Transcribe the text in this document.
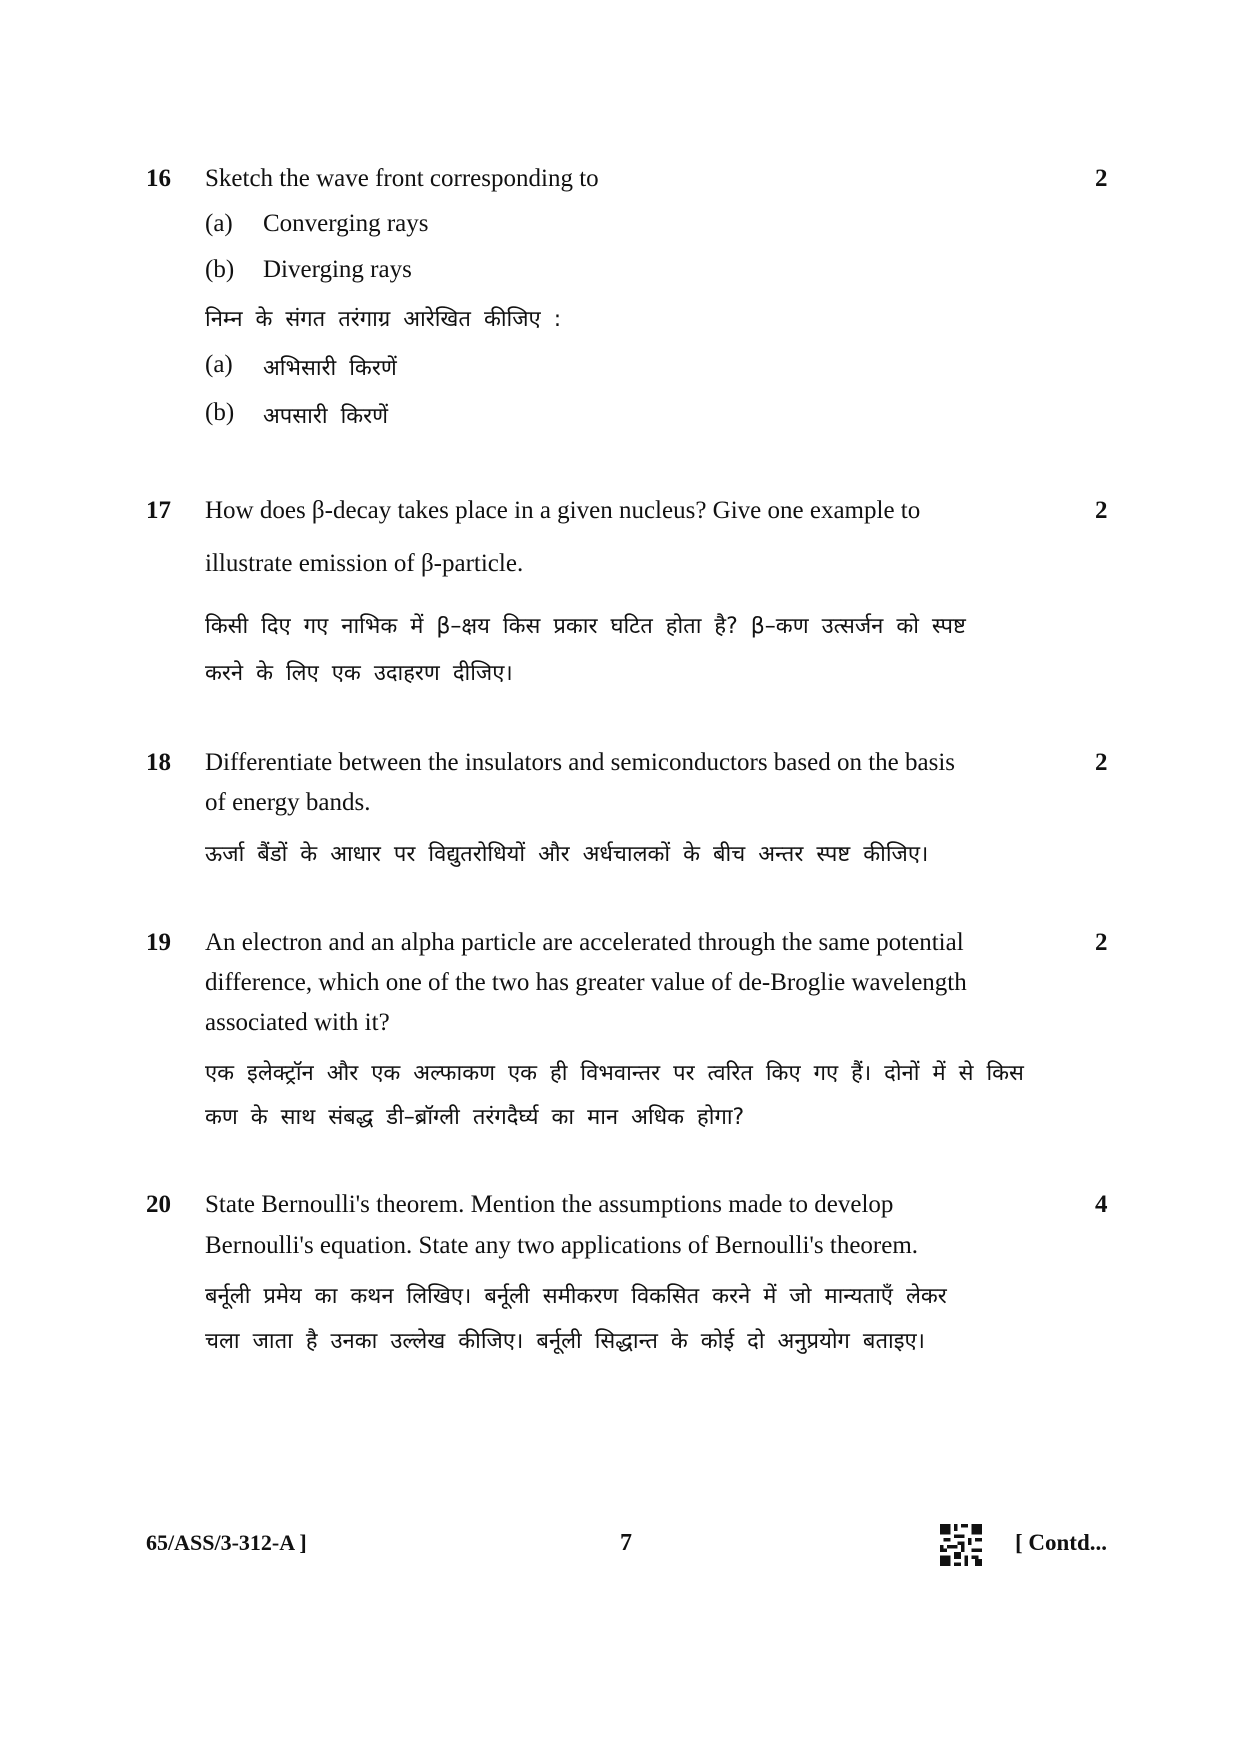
16 Sketch the wave front corresponding to	2
(a) Converging rays
(b) Diverging rays
निम्न के संगत तरंगाग्र आरेखित कीजिए :
(a) अभिसारी किरणें
(b) अपसारी किरणें
17 How does β-decay takes place in a given nucleus? Give one example to	2
illustrate emission of β-particle.
किसी दिए गए नाभिक में β–क्षय किस प्रकार घटित होता है? β–कण उत्सर्जन को स्पष्ट
करने के लिए एक उदाहरण दीजिए।
18 Differentiate between the insulators and semiconductors based on the basis	2
of energy bands.
ऊर्जा बैंडों के आधार पर विद्युतरोधियों और अर्धचालकों के बीच अन्तर स्पष्ट कीजिए।
19 An electron and an alpha particle are accelerated through the same potential	2
difference, which one of the two has greater value of de-Broglie wavelength
associated with it?
एक इलेक्ट्रॉन और एक अल्फाकण एक ही विभवान्तर पर त्वरित किए गए हैं। दोनों में से किस
कण के साथ संबद्ध डी–ब्रॉग्ली तरंगदैर्घ्य का मान अधिक होगा?
20 State Bernoulli's theorem. Mention the assumptions made to develop	4
Bernoulli's equation. State any two applications of Bernoulli's theorem.
बर्नूली प्रमेय का कथन लिखिए। बर्नूली समीकरण विकसित करने में जो मान्यताएँ लेकर
चला जाता है उनका उल्लेख कीजिए। बर्नूली सिद्धान्त के कोई दो अनुप्रयोग बताइए।
65/ASS/3-312-A ]	7	[ Contd...
